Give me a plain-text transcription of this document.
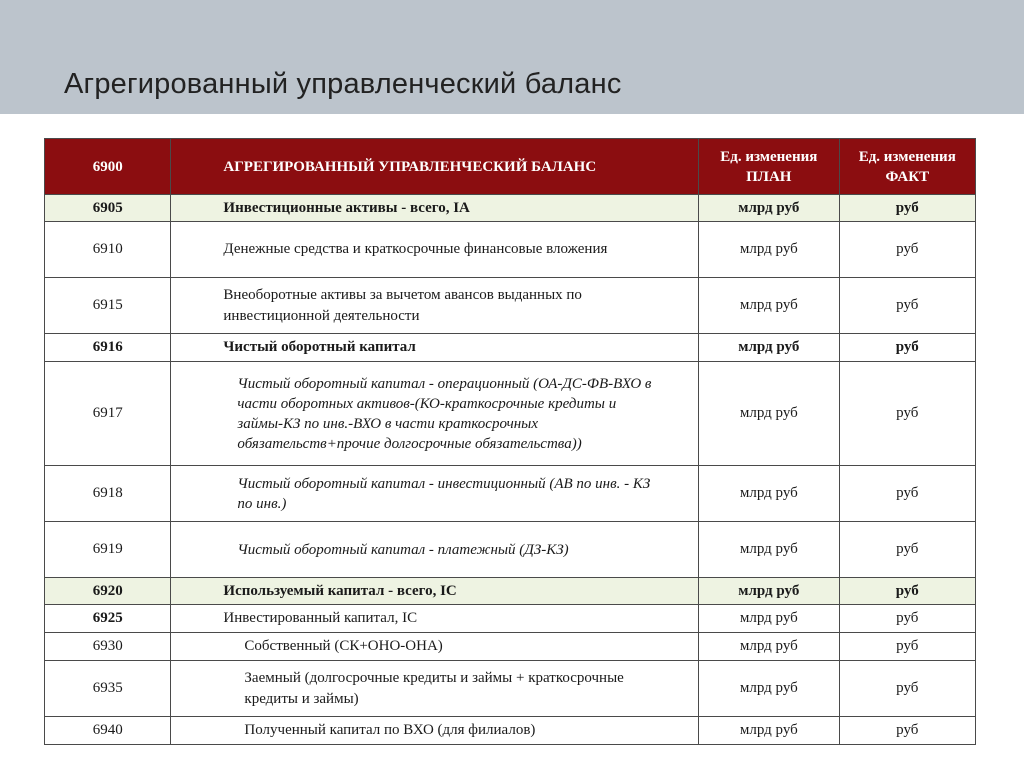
Агрегированный управленческий баланс
6900	АГРЕГИРОВАННЫЙ УПРАВЛЕНЧЕСКИЙ БАЛАНС	Ед. изменения ПЛАН	Ед. изменения ФАКТ
6905	Инвестиционные активы - всего, IA	млрд руб	руб
6910	Денежные средства и краткосрочные финансовые вложения	млрд руб	руб
6915	Внеоборотные активы за вычетом авансов выданных по инвестиционной деятельности	млрд руб	руб
6916	Чистый оборотный капитал	млрд руб	руб
6917	Чистый оборотный капитал - операционный (ОА-ДС-ФВ-ВХО в части оборотных активов-(КО-краткосрочные кредиты и займы-КЗ по инв.-ВХО в части краткосрочных обязательств+прочие долгосрочные обязательства))	млрд руб	руб
6918	Чистый оборотный капитал - инвестиционный (АВ по инв. - КЗ по инв.)	млрд руб	руб
6919	Чистый оборотный капитал - платежный (ДЗ-КЗ)	млрд руб	руб
6920	Используемый капитал - всего, IC	млрд руб	руб
6925	Инвестированный капитал, IC	млрд руб	руб
6930	Собственный (СК+ОНО-ОНА)	млрд руб	руб
6935	Заемный (долгосрочные кредиты и займы + краткосрочные кредиты и займы)	млрд руб	руб
6940	Полученный капитал по ВХО (для филиалов)	млрд руб	руб
